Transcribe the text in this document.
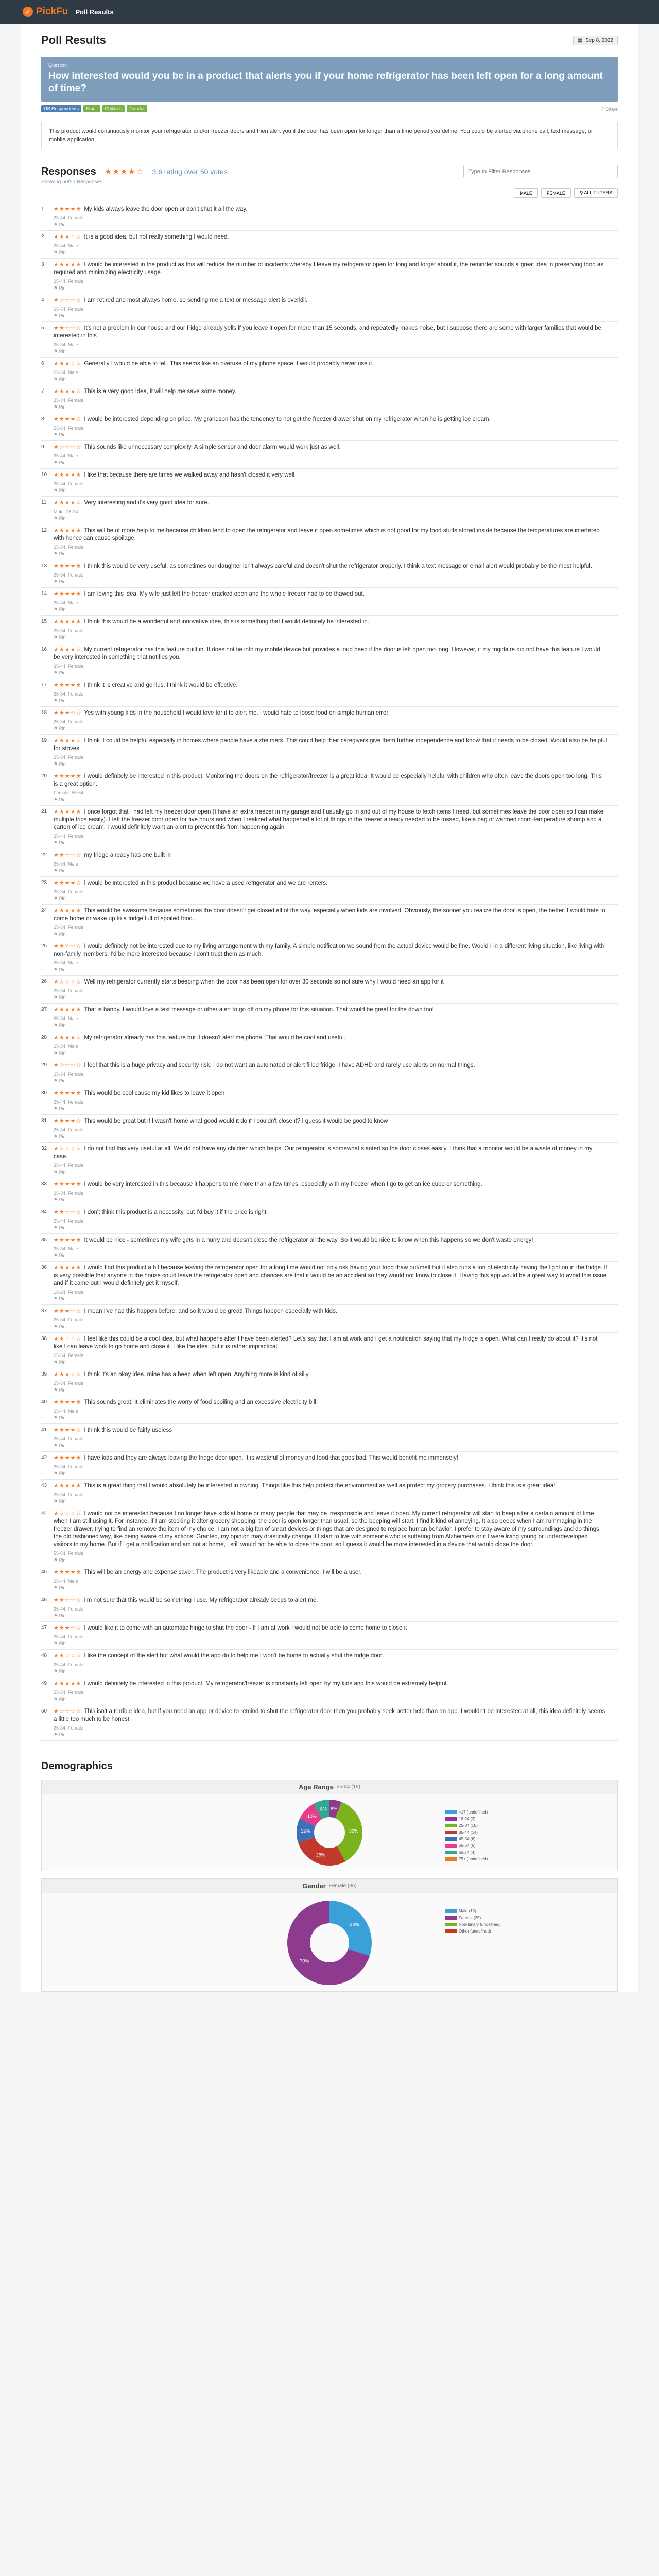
✓ PickFu Poll Results
Poll Results	▦ Sep 8, 2022
Question
How interested would you be in a product that alerts you if your home refrigerator has been left open for a long amount of time?
US Respondents	Email	Children	Gender	⤴ Share
This product would continuously monitor your refrigerator and/or freezer doors and then alert you if the door has been open for longer than a time period you define. You could be alerted via phone call, text message, or mobile application.
Responses ★★★★☆ 3.6 rating over 50 votes
Type to Filter Responses
Showing 50/50 Responses
MALE	FEMALE	⚲ ALL FILTERS
1	★★★★★ My kids always leave the door open or don't shut it all the way.
25-44, Female
⚑ Pin
2	★★★☆☆ It is a good idea, but not really something I would need.
25-44, Male
⚑ Pin
3	★★★★★ I would be interested in the product as this will reduce the number of incidents whereby I leave my refrigerator open for long and forget about it, the reminder sounds a great idea in preserving food as required and minimizing electricity usage
25-44, Female
⚑ Pin
4	★☆☆☆☆ I am retired and most always home, so sending me a text or message alert is overkill.
65-74, Female
⚑ Pin
5	★★☆☆☆ It's not a problem in our house and our fridge already yells if you leave it open for more than 15 seconds, and repeatedly makes noise, but I suppose there are some with larger families that would be interested in this
25-34, Male
⚑ Pin
6	★★★☆☆ Generally I would be able to tell. This seems like an overuse of my phone space. I would probably never use it.
25-34, Male
⚑ Pin
7	★★★★☆ This is a very good idea, it will help me save some money.
25-34, Female
⚑ Pin
8	★★★★☆ I would be interested depending on price. My grandson has the tendency to not get the freezer drawer shut on my refrigerator when he is getting ice cream.
55-64, Female
⚑ Pin
9	★☆☆☆☆ This sounds like unnecessary complexity. A simple sensor and door alarm would work just as well.
35-44, Male
⚑ Pin
10	★★★★★ I like that because there are times we walked away and hasn't closed it very well
35-44, Female
⚑ Pin
11	★★★★☆ Very interesting and it's very good idea for sure.
Male, 25-34
⚑ Pin
12	★★★★★ This will be of more help to me because children tend to open the refrigerator and leave it open sometimes which is not good for my food stuffs stored inside because the temperatures are interfered with hence can cause spoilage.
25-34, Female
⚑ Pin
13	★★★★★ I think this would be very useful, as sometimes our daughter isn't always careful and doesn't shut the refrigerator properly. I think a text message or email alert would probably be the most helpful.
25-34, Female
⚑ Pin
14	★★★★★ I am loving this idea. My wife just left the freezer cracked open and the whole freezer had to be thawed out.
35-44, Male
⚑ Pin
15	★★★★★ I think this would be a wonderful and innovative idea, this is something that I would definitely be interested in.
25-34, Female
⚑ Pin
16	★★★★☆ My current refrigerator has this feature built in. It does not tie into my mobile device but provides a loud beep if the door is left open too long. However, if my frigidaire did not have this feature I would be very interested in something that notifies you.
35-44, Female
⚑ Pin
17	★★★★★ I think it is creative and genius. I think it would be effective.
25-34, Female
⚑ Pin
18	★★★☆☆ Yes with young kids in the household I would love for it to alert me. I would hate to loose food on simple human error.
25-34, Female
⚑ Pin
19	★★★★☆ I think it could be helpful especially in homes where people have alzheimers. This could help their caregivers give them further independence and know that it needs to be closed. Would also be helpful for stoves.
25-34, Female
⚑ Pin
20	★★★★★ I would definitely be interested in this product. Monitoring the doors on the refrigerator/freezer is a great idea. It would be especially helpful with children who often leave the doors open too long. This is a great option.
Female, 55-64
⚑ Pin
21	★★★★★ I once forgot that I had left my freezer door open (I have an extra freezer in my garage and I usually go in and out of my house to fetch items I need, but sometimes leave the door open so I can make multiple trips easily). I left the freezer door open for five hours and when I realized what happened a lot of things in the freezer already needed to be tossed, like a bag of warmed room-temperature shrimp and a carton of ice cream. I would definitely want an alert to prevent this from happening again
35-44, Female
⚑ Pin
22	★★☆☆☆ my fridge already has one built in
25-34, Male
⚑ Pin
23	★★★★☆ I would be interested in this product because we have a used refrigerator and we are renters.
25-34, Female
⚑ Pin
24	★★★★★ This would be awesome because sometimes the door doesn't get closed all of the way, especially when kids are involved. Obviously, the sooner you realize the door is open, the better. I would hate to come home or wake up to a fridge full of spoiled food.
25-34, Female
⚑ Pin
25	★★☆☆☆ I would definitely not be interested due to my living arrangement with my family. A simple notification we sound from the actual device would be fine. Would I in a different living situation, like living with non-family members, I'd be more interested because I don't trust them as much.
25-34, Male
⚑ Pin
26	★☆☆☆☆ Well my refrigerator currently starts beeping when the door has been open for over 30 seconds so not sure why I would need an app for it
25-34, Female
⚑ Pin
27	★★★★★ That is handy. I would love a text message or other alert to go off on my phone for this situation. That would be great for the down too!
25-34, Male
⚑ Pin
28	★★★★☆ My refrigerator already has this feature but it doesn't alert me phone. That would be cool and useful.
25-34, Male
⚑ Pin
29	★☆☆☆☆ I feel that this is a huge privacy and security risk. I do not want an automated or alert filled fridge. I have ADHD and rarely use alerts on normal things.
25-34, Female
⚑ Pin
30	★★★★★ This would be cool cause my kid likes to leave it open
25-44, Female
⚑ Pin
31	★★★★☆ This would be great but if I wasn't home what good would it do if I couldn't close it? I guess it would be good to know
25-44, Female
⚑ Pin
32	★☆☆☆☆ I do not find this very useful at all. We do not have any children which helps. Our refrigerator is somewhat slanted so the door closes easily. I think that a monitor would be a waste of money in my case.
35-44, Female
⚑ Pin
33	★★★★★ I would be very interested in this because it happens to me more than a few times, especially with my freezer when I go to get an ice cube or something.
25-34, Female
⚑ Pin
34	★★☆☆☆ I don't think this product is a necessity, but I'd buy it if the price is right.
25-44, Female
⚑ Pin
35	★★★★★ It would be nice - sometimes my wife gets in a hurry and doesn't close the refrigerator all the way. So it would be nice to know when this happens so we don't waste energy!
25-34, Male
⚑ Pin
36	★★★★★ I would find this product a bit because leaving the refrigerator open for a long time would not only risk having your food thaw out/melt but it also runs a ton of electricity having the light on in the fridge. It is very possible that anyone in the house could leave the refrigerator open and chances are that it would be an accident so they would not know to close it. Having this app would be a great way to avoid this issue and if it came out I would definitely get it myself.
18-24, Female
⚑ Pin
37	★★★☆☆ I mean I've had this happen before, and so it would be great! Things happen especially with kids.
25-34, Female
⚑ Pin
38	★★☆☆☆ I feel like this could be a cool idea, but what happens after I have been alerted? Let's say that I am at work and I get a notification saying that my fridge is open. What can I really do about it? It's not like I can leave work to go home and close it. I like the idea, but it is rather impractical.
25-34, Female
⚑ Pin
39	★★★☆☆ I think it's an okay idea. mine has a beep when left open. Anything more is kind of silly
25-34, Female
⚑ Pin
40	★★★★★ This sounds great! It eliminates the worry of food spoiling and an excessive electricity bill.
25-44, Male
⚑ Pin
41	★★★★☆ I think this would be fairly useless
25-44, Female
⚑ Pin
42	★★★★★ I have kids and they are always leaving the fridge door open. It is wasteful of money and food that goes bad. This would benefit me immensely!
25-34, Female
⚑ Pin
43	★★★★★ This is a great thing that I would absolutely be interested in owning. Things like this help protect the environment as well as protect my grocery purchases. I think this is a great idea!
25-34, Female
⚑ Pin
44	★☆☆☆☆ I would not be interested because I no longer have kids at home or many people that may be irresponsible and leave it open. My current refrigerator will start to beep after a certain amount of time when I am still using it. For instance, if I am stocking it after grocery shopping, the door is open longer than usual, so the beeping will start. I find it kind of annoying. It also beeps when I am rummaging in the freezer drawer, trying to find an remove the item of my choice. I am not a big fan of smart devices or things that are designed to replace human behavior. I prefer to stay aware of my surroundings and do things the old fashioned way, like being aware of my actions. Granted, my opinion may drastically change if I start to live with someone who is suffering from Alzheimers or if I were living young or underdeveloped visitors to my home. But if I get a notification and am not at home, I still would not be able to close the door, so I guess it would be more interested in a device that would close the door.
55-64, Female
⚑ Pin
45	★★★★★ This will be an energy and expense saver. The product is very likeable and a convenience. I will be a user.
25-44, Male
⚑ Pin
46	★★☆☆☆ I'm not sure that this would be something I use. My refrigerator already beeps to alert me.
25-44, Female
⚑ Pin
47	★★★☆☆ I would like it to come with an automatic hinge to shut the door - If I am at work I would not be able to come home to close it
25-44, Female
⚑ Pin
48	★★☆☆☆ I like the concept of the alert but what would the app do to help me I won't be home to actually shut the fridge door.
25-44, Female
⚑ Pin
49	★★★★★ I would definitely be interested in this product. My refrigerator/freezer is constantly left open by my kids and this would be extremely helpful.
25-34, Female
⚑ Pin
50	★☆☆☆☆ This isn't a terrible idea, but if you need an app or device to remind to shut the refrigerator door then you probably seek better help than an app. I wouldn't be interested at all, this idea definitely seems a little too much to be honest.
25-34, Female
⚑ Pin
Demographics
Age Range 25-34 (18)
6%
36%
28%
12%
10%
8%
<17 (undefined)
18-24 (3)
25-34 (18)
35-44 (14)
45-54 (6)
55-64 (5)
65-74 (4)
75+ (undefined)
Gender Female (35)
30%
70%
Male (15)
Female (35)
Non-binary (undefined)
Other (undefined)
